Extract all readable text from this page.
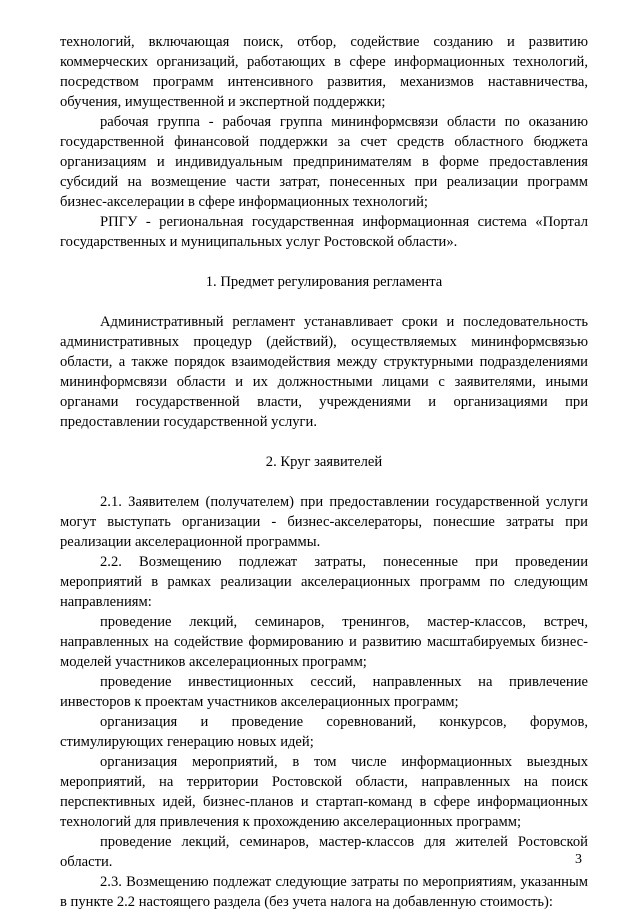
технологий, включающая поиск, отбор, содействие созданию и развитию коммерческих организаций, работающих в сфере информационных технологий, посредством программ интенсивного развития, механизмов наставничества, обучения, имущественной и экспертной поддержки;

рабочая группа - рабочая группа мининформсвязи области по оказанию государственной финансовой поддержки за счет средств областного бюджета организациям и индивидуальным предпринимателям в форме предоставления субсидий на возмещение части затрат, понесенных при реализации программ бизнес-акселерации в сфере информационных технологий;

РПГУ - региональная государственная информационная система «Портал государственных и муниципальных услуг Ростовской области».

1. Предмет регулирования регламента

Административный регламент устанавливает сроки и последовательность административных процедур (действий), осуществляемых мининформсвязью области, а также порядок взаимодействия между структурными подразделениями мининформсвязи области и их должностными лицами с заявителями, иными органами государственной власти, учреждениями и организациями при предоставлении государственной услуги.

2. Круг заявителей

2.1. Заявителем (получателем) при предоставлении государственной услуги могут выступать организации - бизнес-акселераторы, понесшие затраты при реализации акселерационной программы.

2.2. Возмещению подлежат затраты, понесенные при проведении мероприятий в рамках реализации акселерационных программ по следующим направлениям:

проведение лекций, семинаров, тренингов, мастер-классов, встреч, направленных на содействие формированию и развитию масштабируемых бизнес-моделей участников акселерационных программ;

проведение инвестиционных сессий, направленных на привлечение инвесторов к проектам участников акселерационных программ;

организация и проведение соревнований, конкурсов, форумов, стимулирующих генерацию новых идей;

организация мероприятий, в том числе информационных выездных мероприятий, на территории Ростовской области, направленных на поиск перспективных идей, бизнес-планов и стартап-команд в сфере информационных технологий для привлечения к прохождению акселерационных программ;

проведение лекций, семинаров, мастер-классов для жителей Ростовской области.

2.3. Возмещению подлежат следующие затраты по мероприятиям, указанным в пункте 2.2 настоящего раздела (без учета налога на добавленную стоимость):

3
